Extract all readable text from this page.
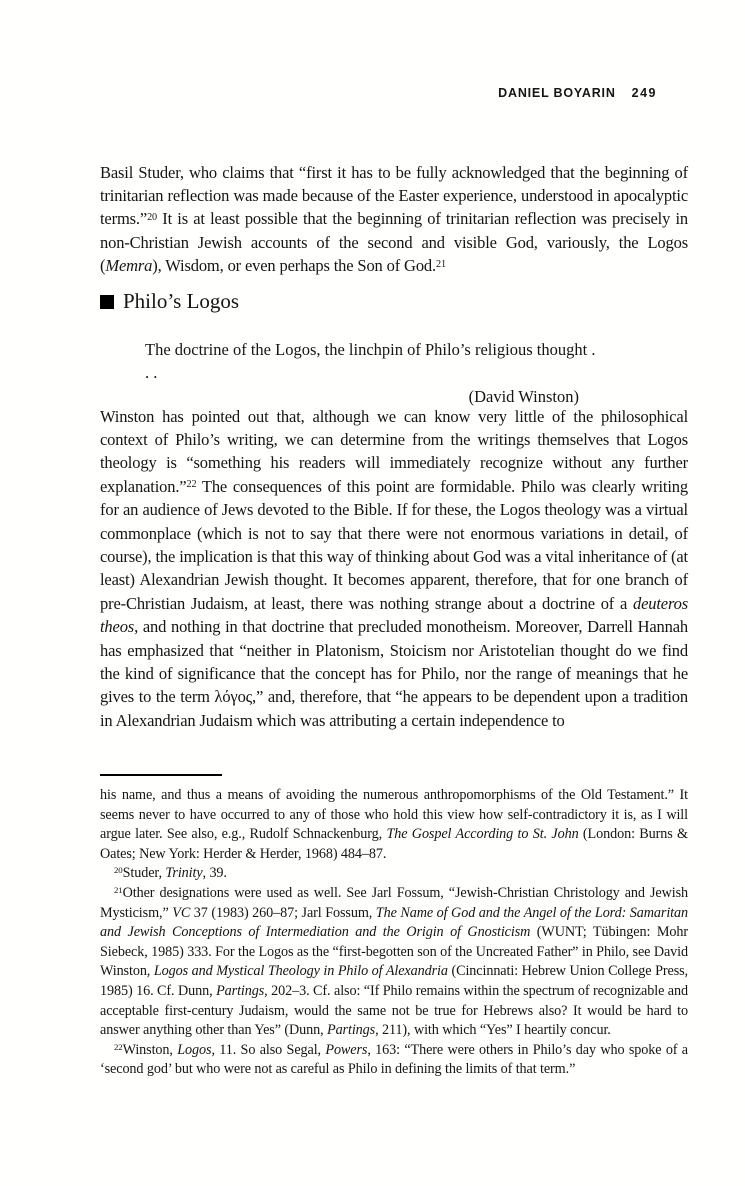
DANIEL BOYARIN 249

Basil Studer, who claims that “first it has to be fully acknowledged that the beginning of trinitarian reflection was made because of the Easter experience, understood in apocalyptic terms.”$^{20}$ It is at least possible that the beginning of trinitarian reflection was precisely in non-Christian Jewish accounts of the second and visible God, variously, the Logos (Memra), Wisdom, or even perhaps the Son of God.$^{21}$

Philo’s Logos
The doctrine of the Logos, the linchpin of Philo’s religious thought . . .
(David Winston)

Winston has pointed out that, although we can know very little of the philosophical context of Philo’s writing, we can determine from the writings themselves that Logos theology is “something his readers will immediately recognize without any further explanation.”$^{22}$ The consequences of this point are formidable. Philo was clearly writing for an audience of Jews devoted to the Bible. If for these, the Logos theology was a virtual commonplace (which is not to say that there were not enormous variations in detail, of course), the implication is that this way of thinking about God was a vital inheritance of (at least) Alexandrian Jewish thought. It becomes apparent, therefore, that for one branch of pre-Christian Judaism, at least, there was nothing strange about a doctrine of a deuteros theos, and nothing in that doctrine that precluded monotheism. Moreover, Darrell Hannah has emphasized that “neither in Platonism, Stoicism nor Aristotelian thought do we find the kind of significance that the concept has for Philo, nor the range of meanings that he gives to the term λόγος,” and, therefore, that “he appears to be dependent upon a tradition in Alexandrian Judaism which was attributing a certain independence to

his name, and thus a means of avoiding the numerous anthropomorphisms of the Old Testament.” It seems never to have occurred to any of those who hold this view how self-contradictory it is, as I will argue later. See also, e.g., Rudolf Schnackenburg, The Gospel According to St. John (London: Burns & Oates; New York: Herder & Herder, 1968) 484–87.

$^{20}$Studer, Trinity, 39.

$^{21}$Other designations were used as well. See Jarl Fossum, “Jewish-Christian Christology and Jewish Mysticism,” VC 37 (1983) 260–87; Jarl Fossum, The Name of God and the Angel of the Lord: Samaritan and Jewish Conceptions of Intermediation and the Origin of Gnosticism (WUNT; Tübingen: Mohr Siebeck, 1985) 333. For the Logos as the “first-begotten son of the Uncreated Father” in Philo, see David Winston, Logos and Mystical Theology in Philo of Alexandria (Cincinnati: Hebrew Union College Press, 1985) 16. Cf. Dunn, Partings, 202–3. Cf. also: “If Philo remains within the spectrum of recognizable and acceptable first-century Judaism, would the same not be true for Hebrews also? It would be hard to answer anything other than Yes” (Dunn, Partings, 211), with which “Yes” I heartily concur.

$^{22}$Winston, Logos, 11. So also Segal, Powers, 163: “There were others in Philo’s day who spoke of a ‘second god’ but who were not as careful as Philo in defining the limits of that term.”
